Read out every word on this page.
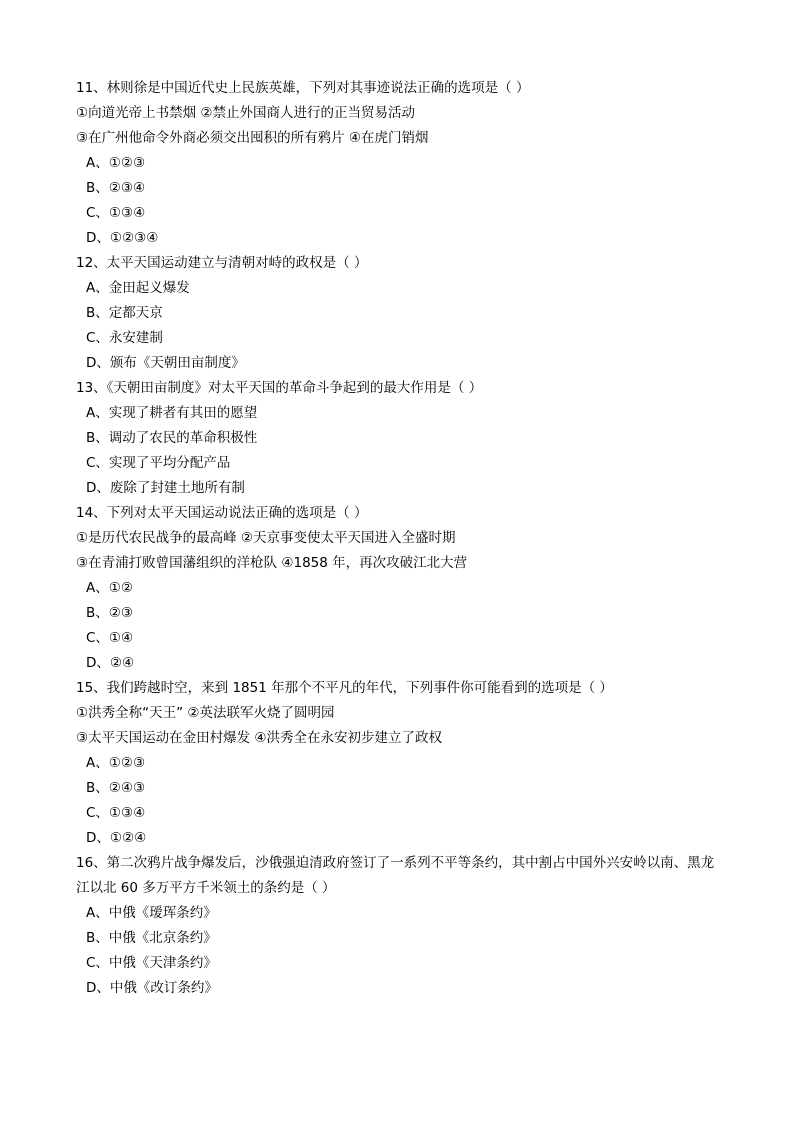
11、林则徐是中国近代史上民族英雄，下列对其事迹说法正确的选项是（ ）
①向道光帝上书禁烟 ②禁止外国商人进行的正当贸易活动
③在广州他命令外商必须交出囤积的所有鸦片 ④在虎门销烟
A、①②③
B、②③④
C、①③④
D、①②③④
12、太平天国运动建立与清朝对峙的政权是（ ）
A、金田起义爆发
B、定都天京
C、永安建制
D、颁布《天朝田亩制度》
13、《天朝田亩制度》对太平天国的革命斗争起到的最大作用是（ ）
A、实现了耕者有其田的愿望
B、调动了农民的革命积极性
C、实现了平均分配产品
D、废除了封建土地所有制
14、下列对太平天国运动说法正确的选项是（ ）
①是历代农民战争的最高峰 ②天京事变使太平天国进入全盛时期
③在青浦打败曾国藩组织的洋枪队 ④1858 年，再次攻破江北大营
A、①②
B、②③
C、①④
D、②④
15、我们跨越时空，来到 1851 年那个不平凡的年代，下列事件你可能看到的选项是（ ）
①洪秀全称“天王” ②英法联军火烧了圆明园
③太平天国运动在金田村爆发 ④洪秀全在永安初步建立了政权
A、①②③
B、②④③
C、①③④
D、①②④
16、第二次鸦片战争爆发后，沙俄强迫清政府签订了一系列不平等条约，其中割占中国外兴安岭以南、黑龙江以北 60 多万平方千米领土的条约是（ ）
A、中俄《瑷珲条约》
B、中俄《北京条约》
C、中俄《天津条约》
D、中俄《改订条约》
